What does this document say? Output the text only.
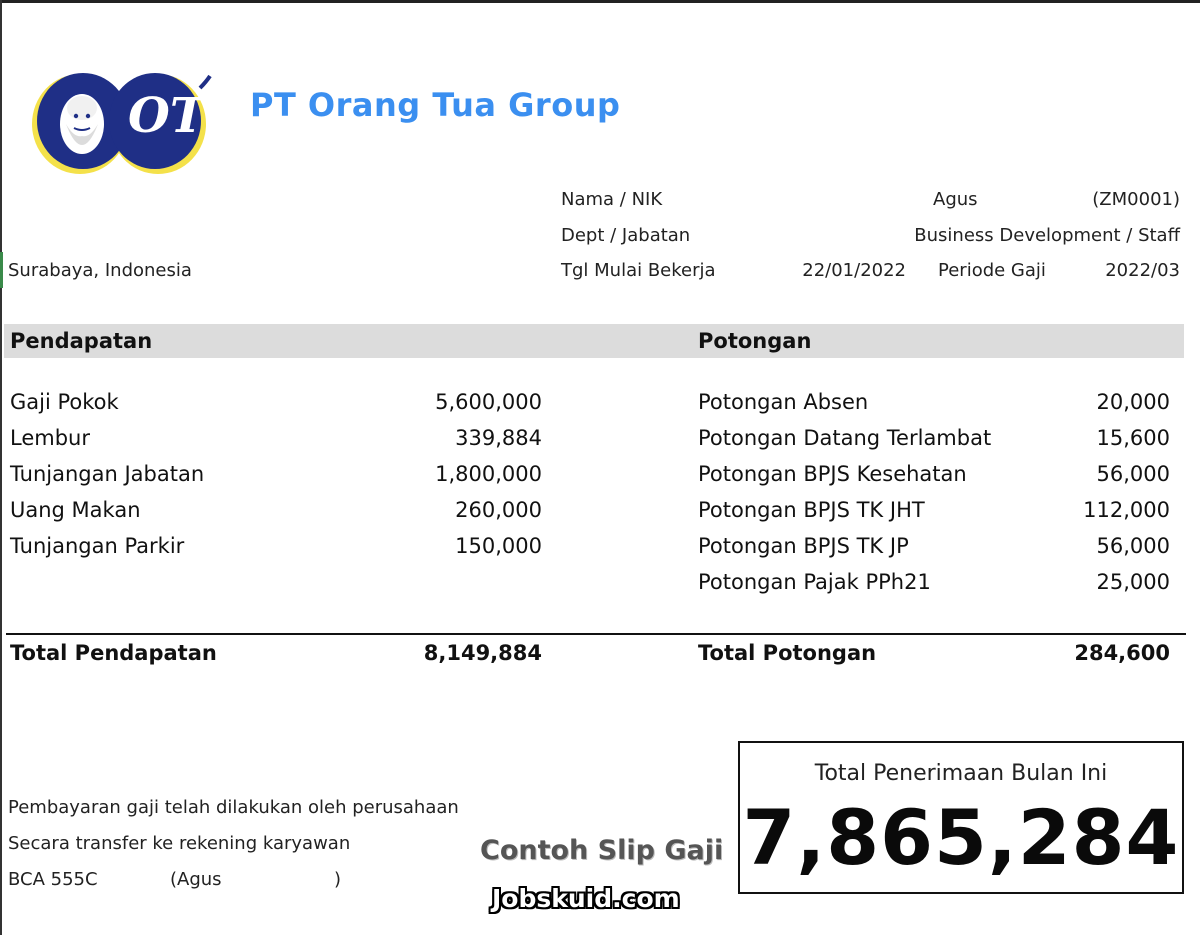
OT PT Orang Tua Group
Nama / NIK	Agus	(ZM0001)
Dept / Jabatan	Business Development / Staff
Surabaya, Indonesia	Tgl Mulai Bekerja	22/01/2022 Periode Gaji	2022/03
Pendapatan	Potongan
Gaji Pokok	5,600,000
Lembur	339,884
Tunjangan Jabatan	1,800,000
Uang Makan	260,000
Tunjangan Parkir	150,000
Potongan Absen	20,000
Potongan Datang Terlambat	15,600
Potongan BPJS Kesehatan	56,000
Potongan BPJS TK JHT	112,000
Potongan BPJS TK JP	56,000
Potongan Pajak PPh21	25,000
Total Pendapatan	8,149,884	Total Potongan	284,600
Pembayaran gaji telah dilakukan oleh perusahaan
Secara transfer ke rekening karyawan
BCA 555C	(Agus	)
Contoh Slip Gaji
Jobskuid.com
Total Penerimaan Bulan Ini
7,865,284
